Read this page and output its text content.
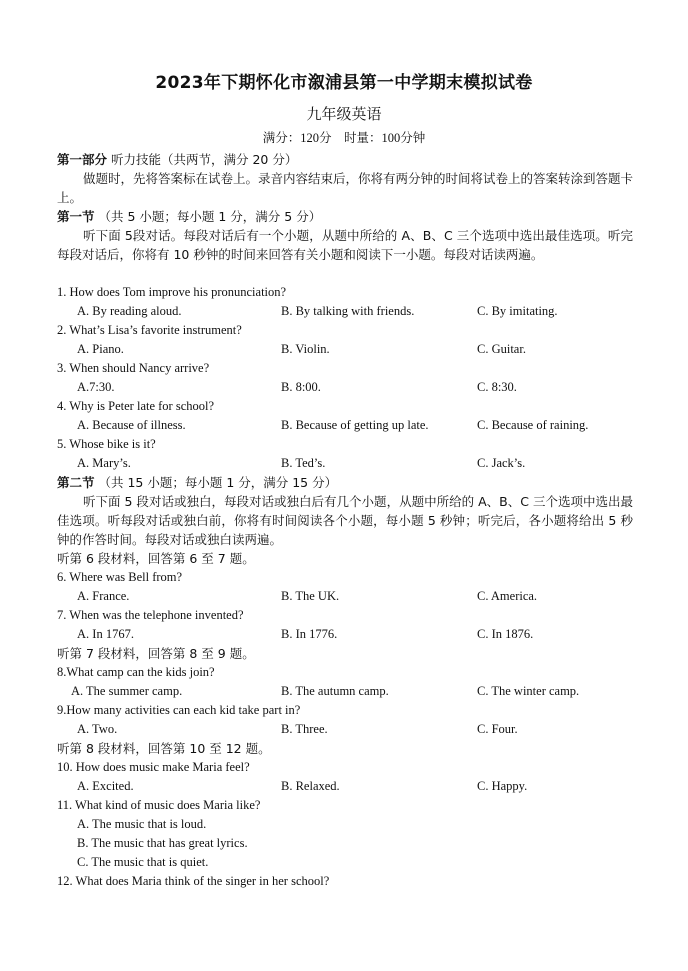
2023年下期怀化市溆浦县第一中学期末模拟试卷
九年级英语
满分：120分　时量：100分钟
第一部分 听力技能（共两节，满分 20 分）
做题时，先将答案标在试卷上。录音内容结束后，你将有两分钟的时间将试卷上的答案转涂到答题卡上。
第一节 （共 5 小题；每小题 1 分，满分 5 分）
听下面 5段对话。每段对话后有一个小题，从题中所给的 A、B、C 三个选项中选出最佳选项。听完每段对话后，你将有 10 秒钟的时间来回答有关小题和阅读下一小题。每段对话读两遍。
1. How does Tom improve his pronunciation?
A. By reading aloud.	B. By talking with friends.	C. By imitating.
2. What’s Lisa’s favorite instrument?
A. Piano.	B. Violin.	C. Guitar.
3. When should Nancy arrive?
A.7:30.	B. 8:00.	C. 8:30.
4. Why is Peter late for school?
A. Because of illness.	B. Because of getting up late.	C. Because of raining.
5. Whose bike is it?
A. Mary’s.	B. Ted’s.	C. Jack’s.
第二节 （共 15 小题；每小题 1 分，满分 15 分）
听下面 5 段对话或独白，每段对话或独白后有几个小题，从题中所给的 A、B、C 三个选项中选出最佳选项。听每段对话或独白前，你将有时间阅读各个小题，每小题 5 秒钟；听完后，各小题将给出 5 秒钟的作答时间。每段对话或独白读两遍。
听第 6 段材料，回答第 6 至 7 题。
6. Where was Bell from?
A. France.	B. The UK.	C. America.
7. When was the telephone invented?
A. In 1767.	B. In 1776.	C. In 1876.
听第 7 段材料，回答第 8 至 9 题。
8.What camp can the kids join?
A. The summer camp.	B. The autumn camp.	C. The winter camp.
9.How many activities can each kid take part in?
A. Two.	B. Three.	C. Four.
听第 8 段材料，回答第 10 至 12 题。
10. How does music make Maria feel?
A. Excited.	B. Relaxed.	C. Happy.
11. What kind of music does Maria like?
A. The music that is loud.
B. The music that has great lyrics.
C. The music that is quiet.
12. What does Maria think of the singer in her school?
